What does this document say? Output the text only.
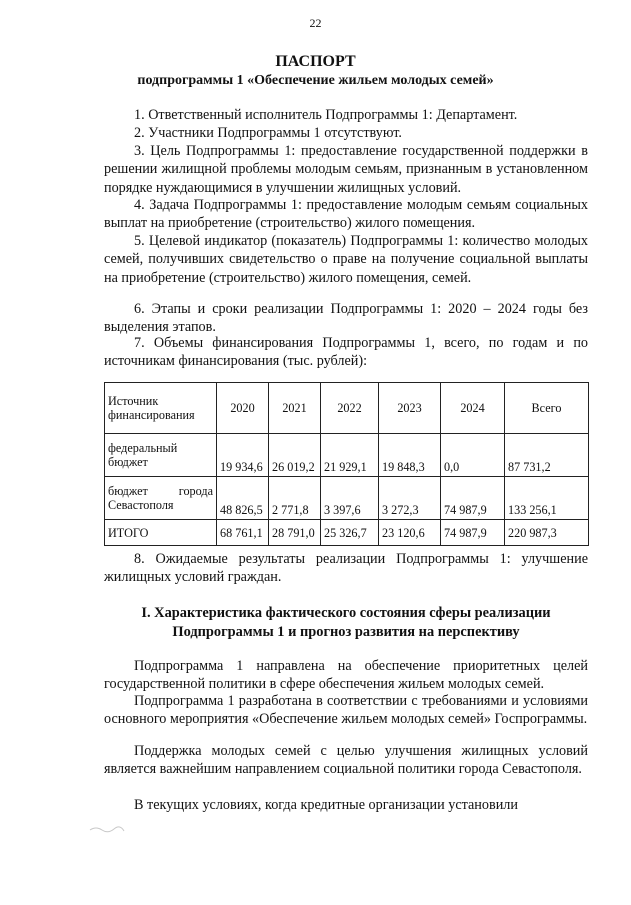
22
ПАСПОРТ
подпрограммы 1 «Обеспечение жильем молодых семей»
1. Ответственный исполнитель Подпрограммы 1: Департамент.
2. Участники Подпрограммы 1 отсутствуют.
3. Цель Подпрограммы 1: предоставление государственной поддержки в решении жилищной проблемы молодым семьям, признанным в установленном порядке нуждающимися в улучшении жилищных условий.
4. Задача Подпрограммы 1: предоставление молодым семьям социальных выплат на приобретение (строительство) жилого помещения.
5. Целевой индикатор (показатель) Подпрограммы 1: количество молодых семей, получивших свидетельство о праве на получение социальной выплаты на приобретение (строительство) жилого помещения, семей.
6. Этапы и сроки реализации Подпрограммы 1: 2020 – 2024 годы без выделения этапов.
7. Объемы финансирования Подпрограммы 1, всего, по годам и по источникам финансирования (тыс. рублей):
Источник финансирования	2020	2021	2022	2023	2024	Всего
федеральный бюджет	19 934,6	26 019,2	21 929,1	19 848,3	0,0	87 731,2

бюджет города
Севастополя	48 826,5	2 771,8	3 397,6	3 272,3	74 987,9	133 256,1
ИТОГО	68 761,1	28 791,0	25 326,7	23 120,6	74 987,9	220 987,3
8. Ожидаемые результаты реализации Подпрограммы 1: улучшение жилищных условий граждан.
I. Характеристика фактического состояния сферы реализации Подпрограммы 1 и прогноз развития на перспективу
Подпрограмма 1 направлена на обеспечение приоритетных целей государственной политики в сфере обеспечения жильем молодых семей.
Подпрограмма 1 разработана в соответствии с требованиями и условиями основного мероприятия «Обеспечение жильем молодых семей» Госпрограммы.
Поддержка молодых семей с целью улучшения жилищных условий является важнейшим направлением социальной политики города Севастополя.
В текущих условиях, когда кредитные организации установили
